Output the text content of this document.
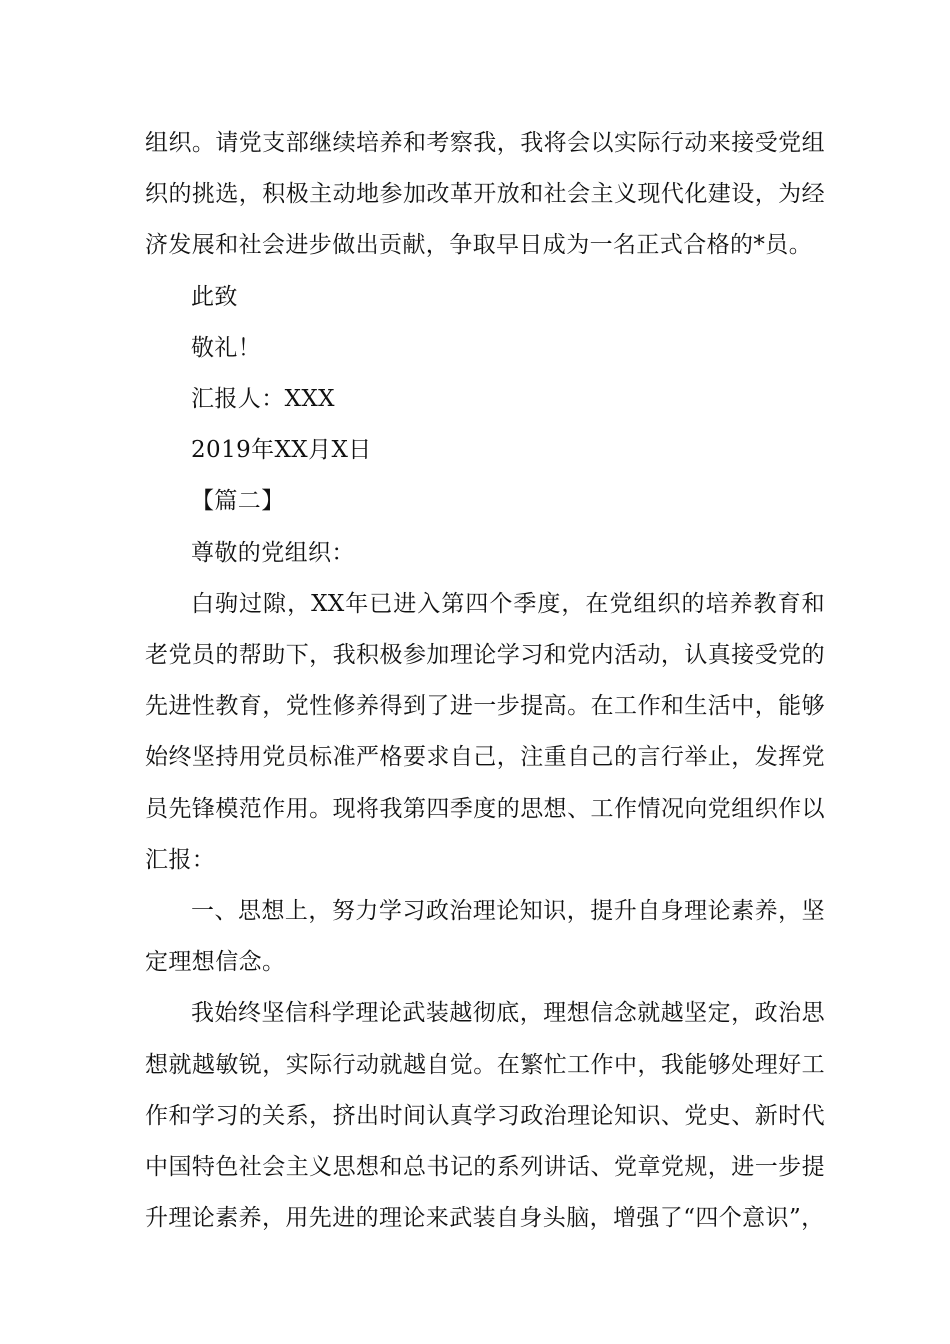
组织。请党支部继续培养和考察我，我将会以实际行动来接受党组织的挑选，积极主动地参加改革开放和社会主义现代化建设，为经济发展和社会进步做出贡献，争取早日成为一名正式合格的*员。

此致

敬礼！

汇报人：XXX

2019年XX月X日

【篇二】

尊敬的党组织：

白驹过隙，XX年已进入第四个季度，在党组织的培养教育和老党员的帮助下，我积极参加理论学习和党内活动，认真接受党的先进性教育，党性修养得到了进一步提高。在工作和生活中，能够始终坚持用党员标准严格要求自己，注重自己的言行举止，发挥党员先锋模范作用。现将我第四季度的思想、工作情况向党组织作以汇报：

一、思想上，努力学习政治理论知识，提升自身理论素养，坚定理想信念。

我始终坚信科学理论武装越彻底，理想信念就越坚定，政治思想就越敏锐，实际行动就越自觉。在繁忙工作中，我能够处理好工作和学习的关系，挤出时间认真学习政治理论知识、党史、新时代中国特色社会主义思想和总书记的系列讲话、党章党规，进一步提升理论素养，用先进的理论来武装自身头脑，增强了“四个意识”，
